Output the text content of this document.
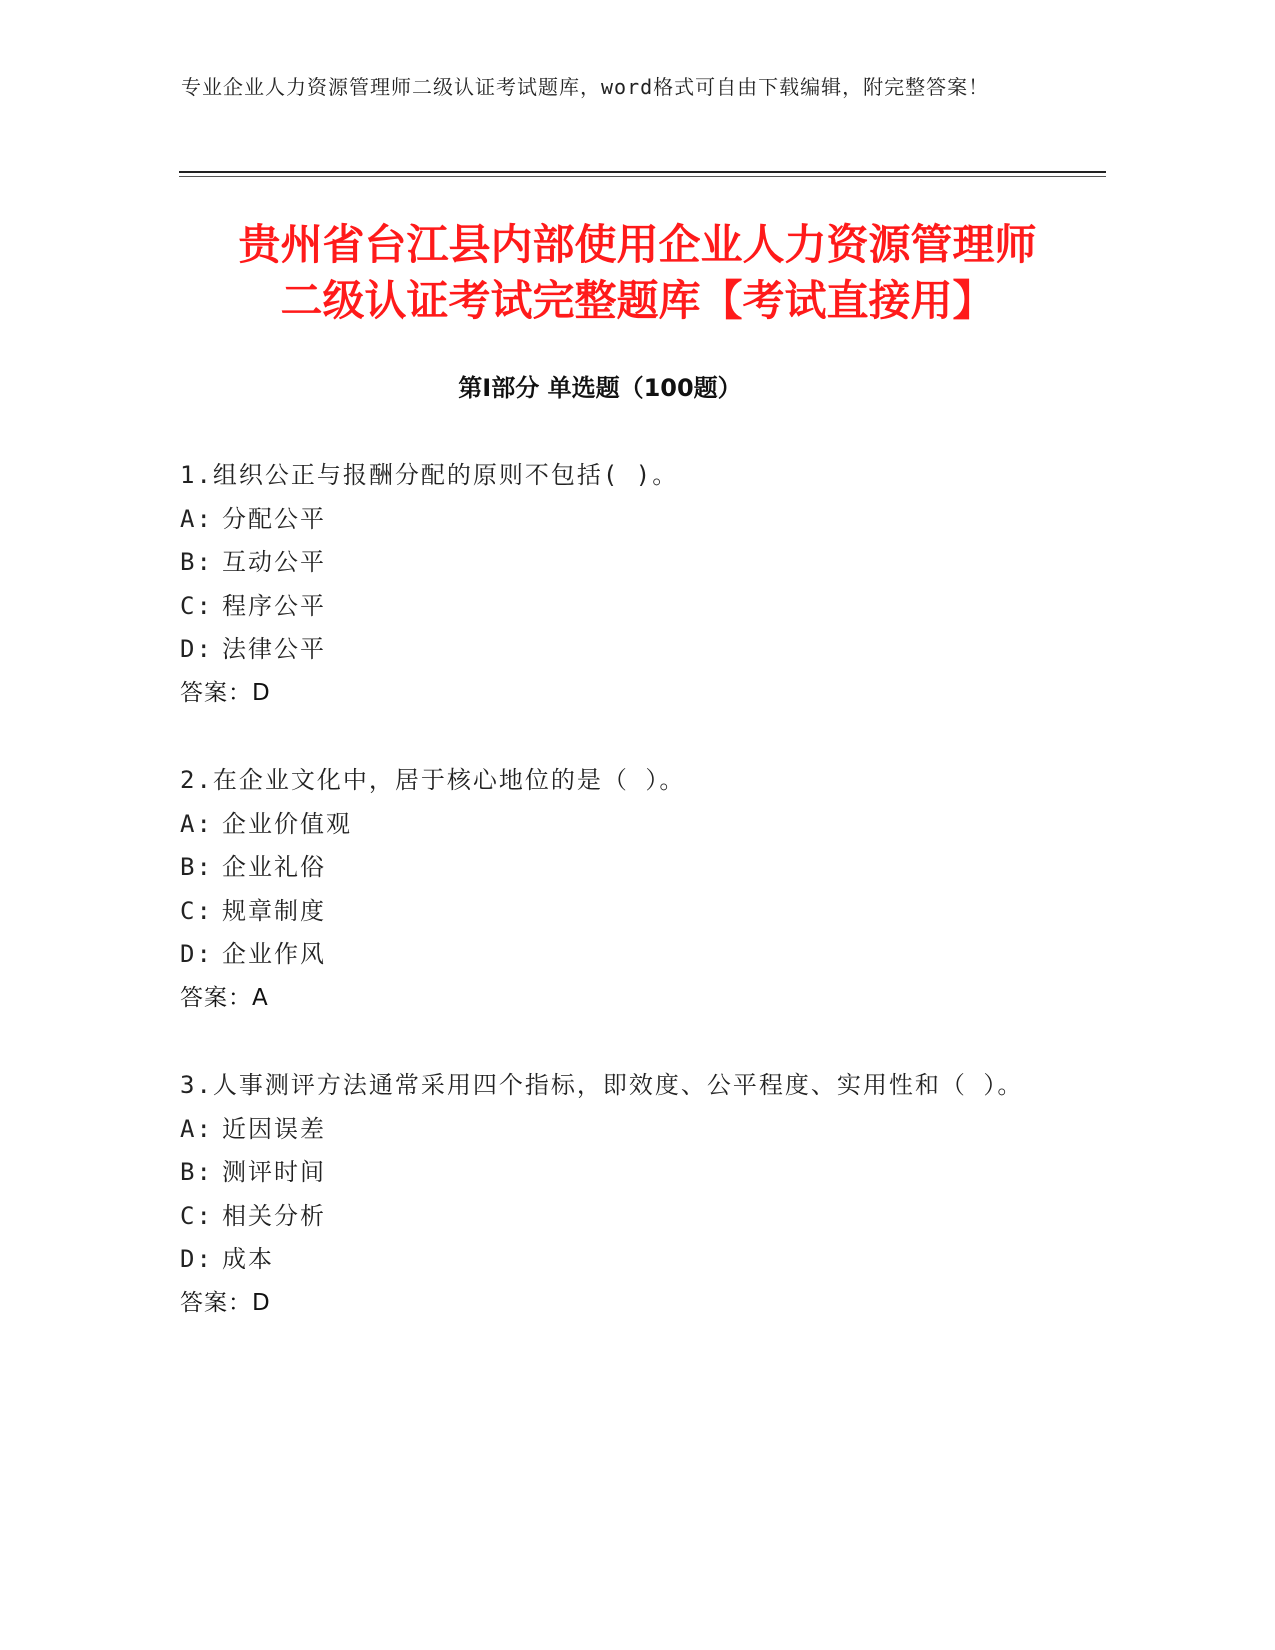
专业企业人力资源管理师二级认证考试题库，word格式可自由下载编辑，附完整答案！
贵州省台江县内部使用企业人力资源管理师
二级认证考试完整题库【考试直接用】
第Ⅰ部分 单选题（100题）
1.组织公正与报酬分配的原则不包括( )。
A: 分配公平
B: 互动公平
C: 程序公平
D: 法律公平
答案：D
2.在企业文化中，居于核心地位的是（ ）。
A: 企业价值观
B: 企业礼俗
C: 规章制度
D: 企业作风
答案：A
3.人事测评方法通常采用四个指标，即效度、公平程度、实用性和（ ）。
A: 近因误差
B: 测评时间
C: 相关分析
D: 成本
答案：D
